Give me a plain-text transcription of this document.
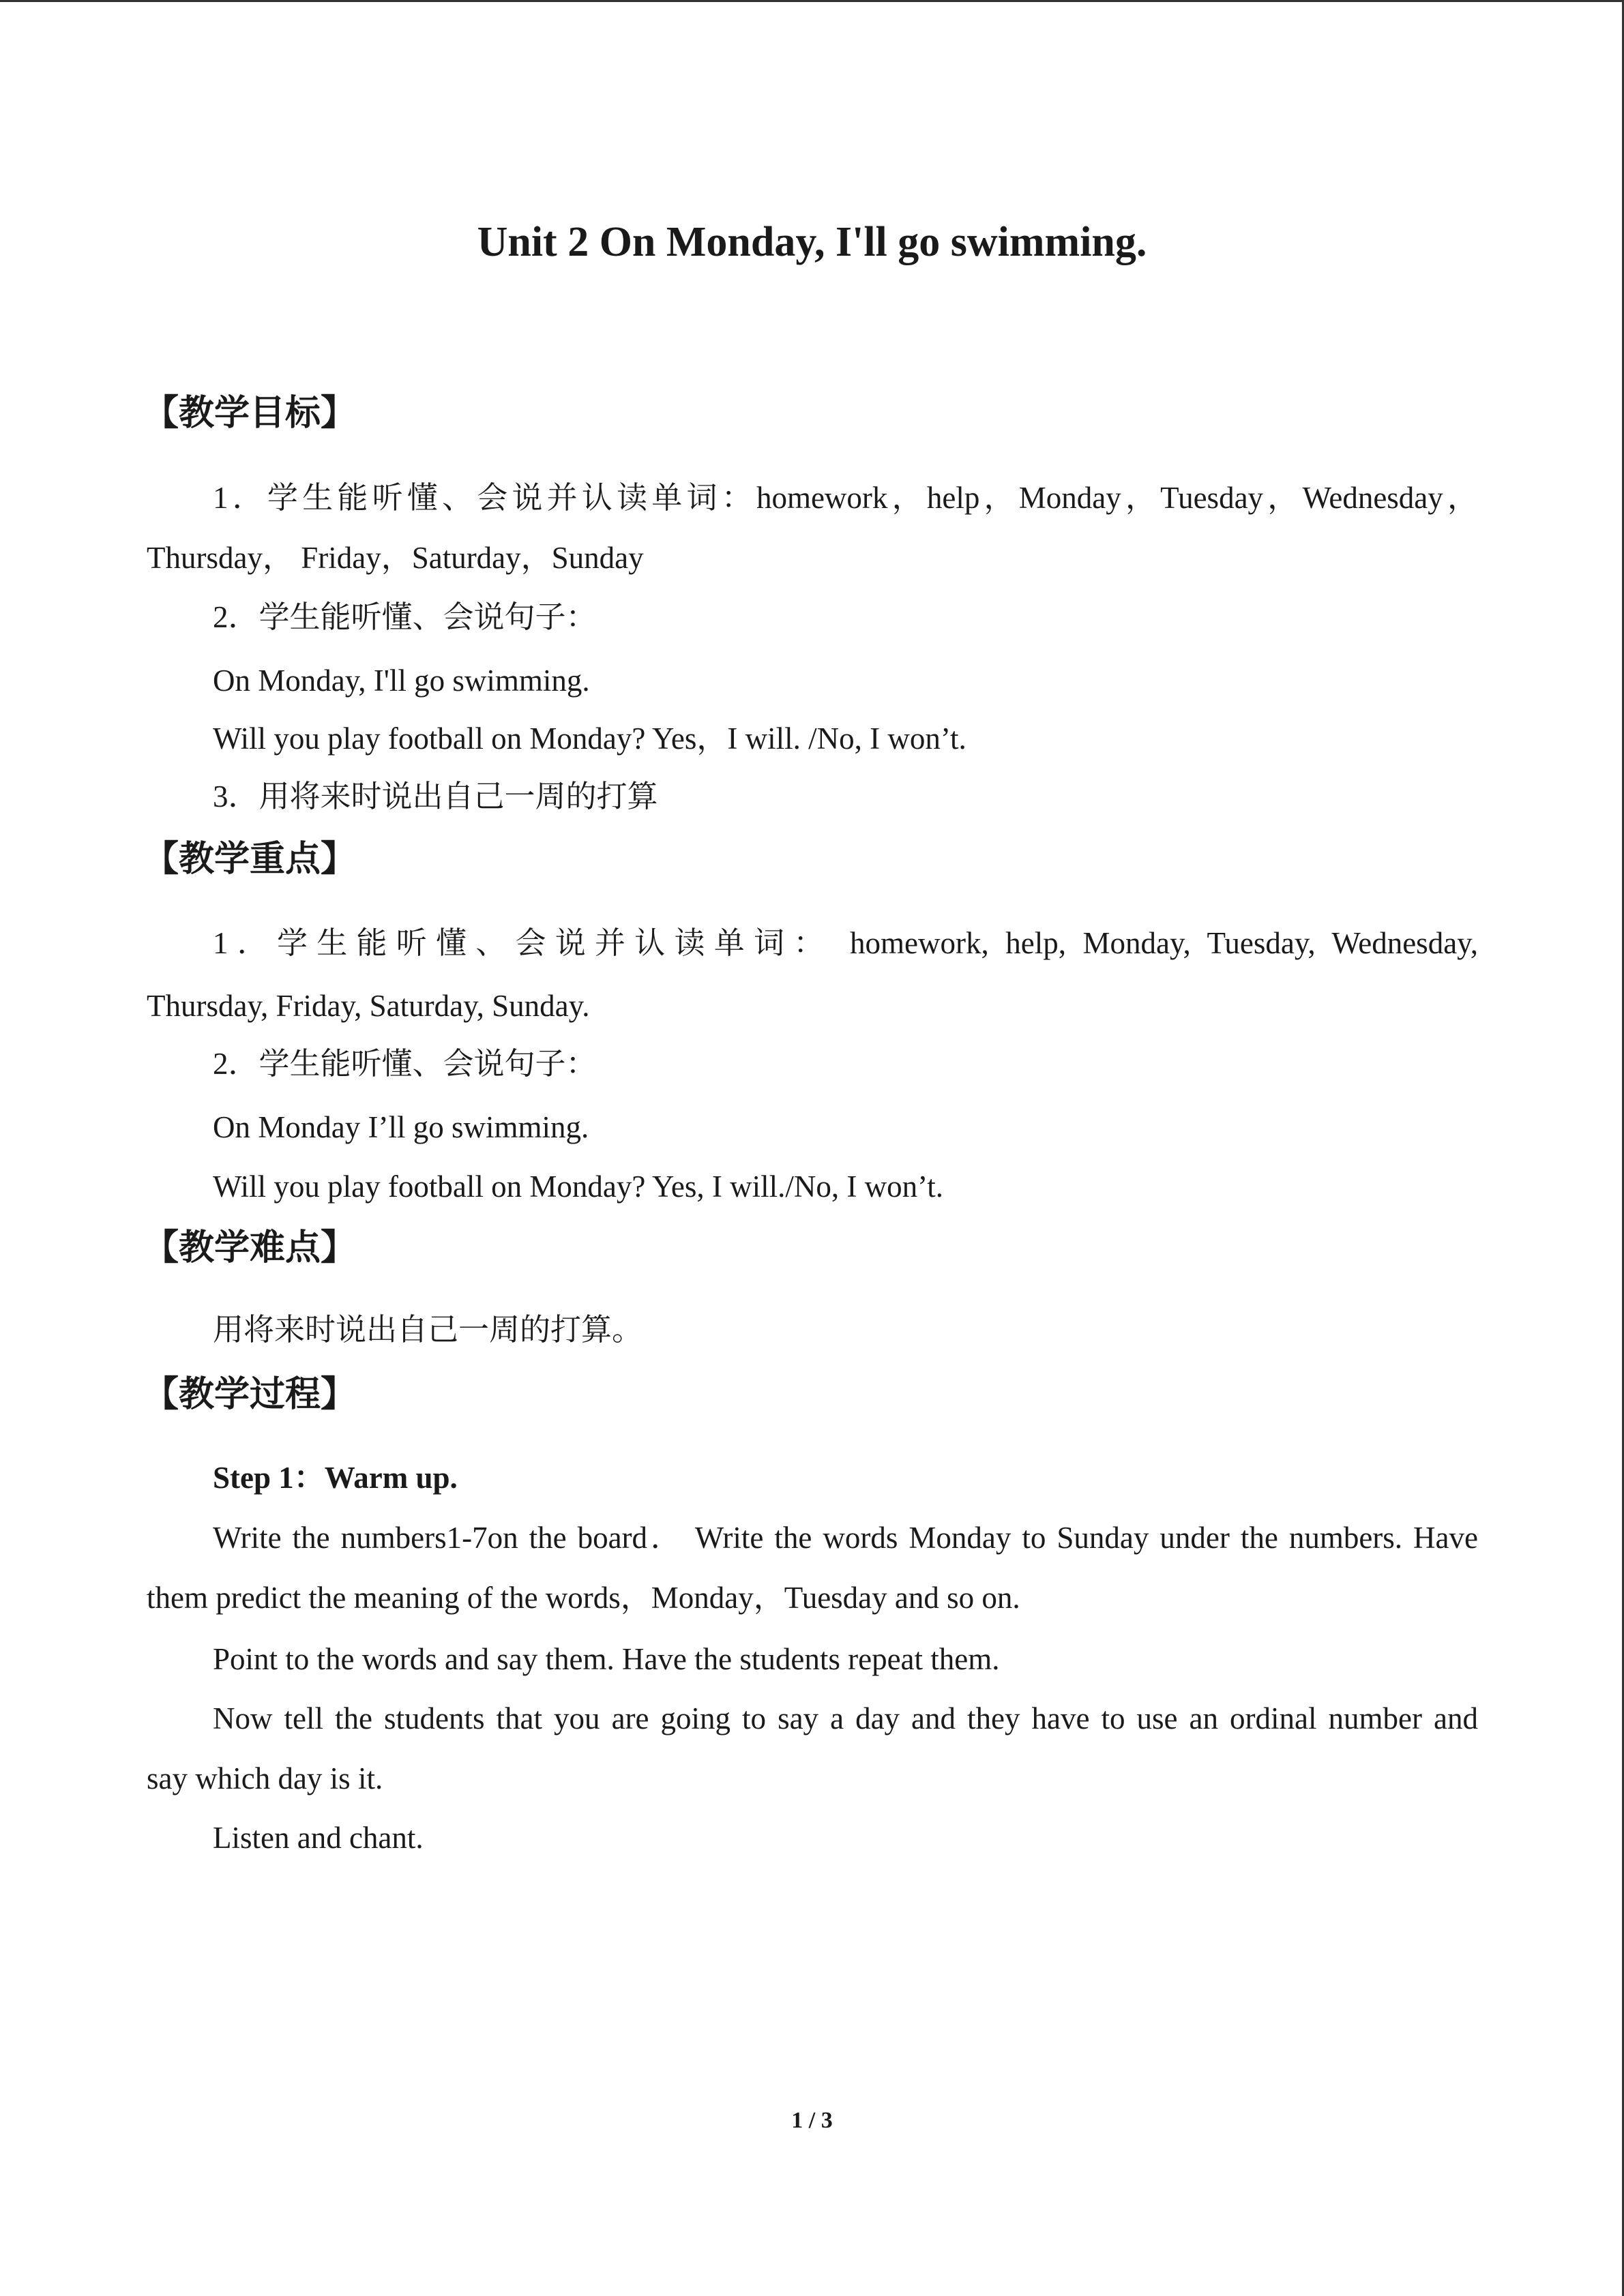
Unit 2 On Monday, I'll go swimming.
【教学目标】
1．学生能听懂、会说并认读单词：homework，help，Monday，Tuesday，Wednesday，
Thursday， Friday，Saturday，Sunday
2．学生能听懂、会说句子：
On Monday, I'll go swimming.
Will you play football on Monday? Yes，I will. /No, I won’t.
3．用将来时说出自己一周的打算
【教学重点】
1．学生能听懂、会说并认读单词： homework, help, Monday, Tuesday, Wednesday,
Thursday, Friday, Saturday, Sunday.
2．学生能听懂、会说句子：
On Monday I’ll go swimming.
Will you play football on Monday? Yes, I will./No, I won’t.
【教学难点】
用将来时说出自己一周的打算。
【教学过程】
Step 1：Warm up.
Write the numbers1-7on the board． Write the words Monday to Sunday under the numbers. Have
them predict the meaning of the words，Monday，Tuesday and so on.
Point to the words and say them. Have the students repeat them.
Now tell the students that you are going to say a day and they have to use an ordinal number and
say which day is it.
Listen and chant.
1 / 3
